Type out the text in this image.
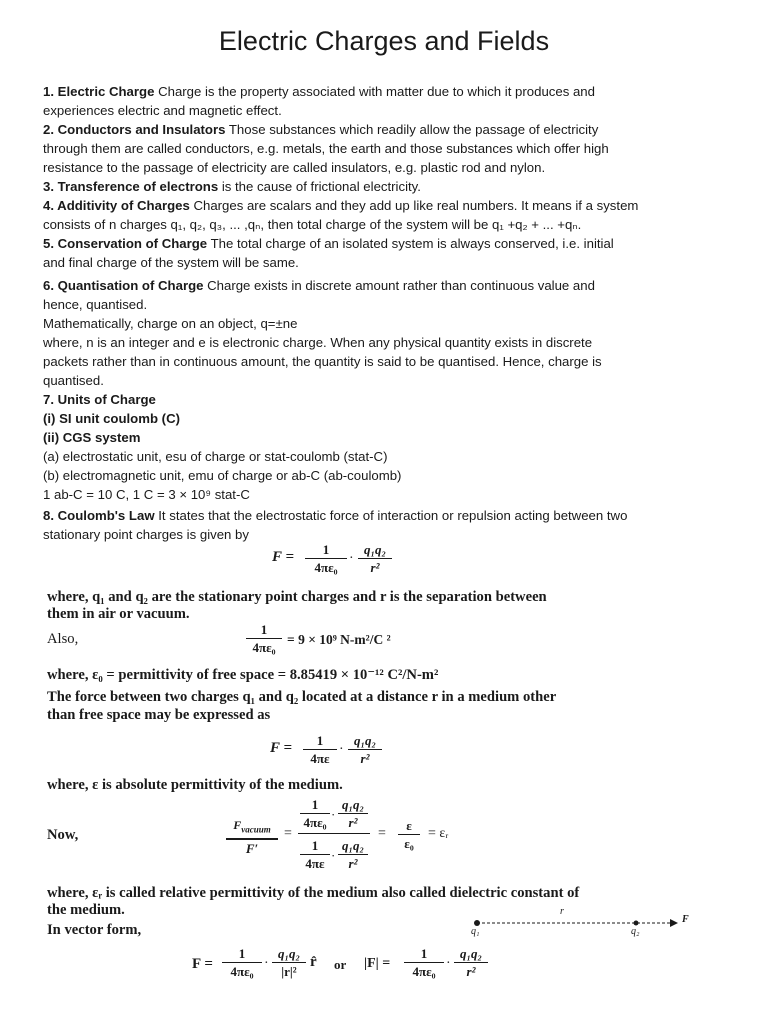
Electric Charges and Fields
1. Electric Charge Charge is the property associated with matter due to which it produces and
experiences electric and magnetic effect.
2. Conductors and Insulators Those substances which readily allow the passage of electricity
through them are called conductors, e.g. metals, the earth and those substances which offer high
resistance to the passage of electricity are called insulators, e.g. plastic rod and nylon.
3. Transference of electrons is the cause of frictional electricity.
4. Additivity of Charges Charges are scalars and they add up like real numbers. It means if a system
consists of n charges q₁, q₂, q₃, ... ,qₙ, then total charge of the system will be q₁ +q₂ + ... +qₙ.
5. Conservation of Charge The total charge of an isolated system is always conserved, i.e. initial
and final charge of the system will be same.
6. Quantisation of Charge Charge exists in discrete amount rather than continuous value and
hence, quantised.
Mathematically, charge on an object, q=±ne
where, n is an integer and e is electronic charge. When any physical quantity exists in discrete
packets rather than in continuous amount, the quantity is said to be quantised. Hence, charge is
quantised.
7. Units of Charge
(i) SI unit coulomb (C)
(ii) CGS system
(a) electrostatic unit, esu of charge or stat-coulomb (stat-C)
(b) electromagnetic unit, emu of charge or ab-C (ab-coulomb)
1 ab-C = 10 C, 1 C = 3 × 10⁹ stat-C
8. Coulomb's Law It states that the electrostatic force of interaction or repulsion acting between two
stationary point charges is given by
F =	1
4πε₀
·
q₁q₂
r²
where, q₁ and q₂ are the stationary point charges and r is the separation between
them in air or vacuum.
Also,
1
4πε₀
= 9 × 10⁹ N-m²/C ²
where, ε₀ = permittivity of free space = 8.85419 × 10⁻¹² C²/N-m²
The force between two charges q₁ and q₂ located at a distance r in a medium other
than free space may be expressed as
F =	1
4πε
·
q₁q₂
r²
where, ε is absolute permittivity of the medium.
Now,
$F_{vacuum}$
F′
=
1
4πε₀
·
q₁q₂
r²
1
4πε
·
q₁q₂
r²
=
ε
ε₀
= εᵣ
where, εᵣ is called relative permittivity of the medium also called dielectric constant of
the medium.
In vector form,
r
q₁	q₂
F
F =
1
4πε₀
·
q₁q₂
|r|²
r̂ or |F| =
1
4πε₀
·
q₁q₂
r²
